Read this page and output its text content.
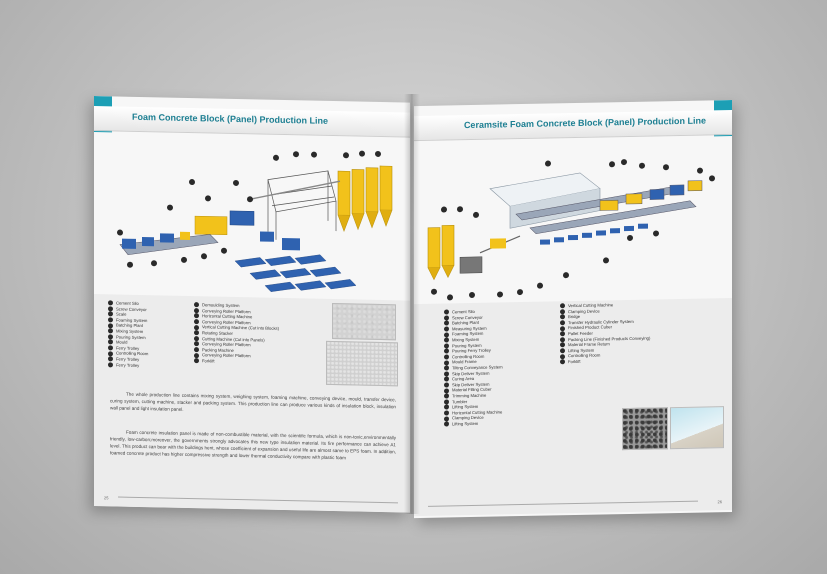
Foam Concrete Block (Panel) Production Line
Cement Silo
Screw Conveyor
Scale
Foaming System
Batching Plant
Mixing System
Pouring System
Mould
Ferry Trolley
Controlling Room
Ferry Trolley
Ferry Trolley
Demoulding System
Conveying Roller Platform
Horizontal Cutting Machine
Conveying Roller Platform
Vertical Cutting Machine (Cut into Blocks)
Rotating Stacker
Cutting Machine (Cut into Panels)
Conveying Roller Platform
Packing Machine
Conveying Roller Platform
Forklift

The whole production line contains mixing system, weighing system, foaming machine, conveying device, mould, transfer device, curing system, cutting machine, stacker and packing system. This production line can produce various kinds of insulation block, insulation wall panel and light insulation panel.

Foam concrete insulation panel is made of non-combustible material, with the scientific formula, which is non-toxic,environmentally friendly, low-carbon;moreover, the governments strongly advocates this new type insulation material. Its fire performance can achieve A1 level. This product can bear with the buildings hent, whose coefficient of expansion and useful life are almost same to EPS foam. In addition, foamed concrete product has higher compressive strength and lower thermal conductivity compare with plastic foam

25
Ceramsite Foam Concrete Block (Panel) Production Line
Cement Silo
Screw Conveyor
Batching Plant
Measuring System
Foaming System
Mixing System
Pouring System
Pouring Ferry Trolley
Controlling Room
Mould Frame
Tilting Conveyance System
Skip Deliver System
Curing Area
Skip Deliver System
Material Filling Cuber
Trimming Machine
Tumbler
Lifting System
Horizontal Cutting Machine
Clamping Device
Lifting System
Vertical Cutting Machine
Clamping Device
Bridge
Transfer Hydraulic Cylinder System
Finished Product Cuber
Pallet Feeder
Packing Line (Finished Products Conveying)
Material Frame Return
Lifting System
Controlling Room
Forklift
26
